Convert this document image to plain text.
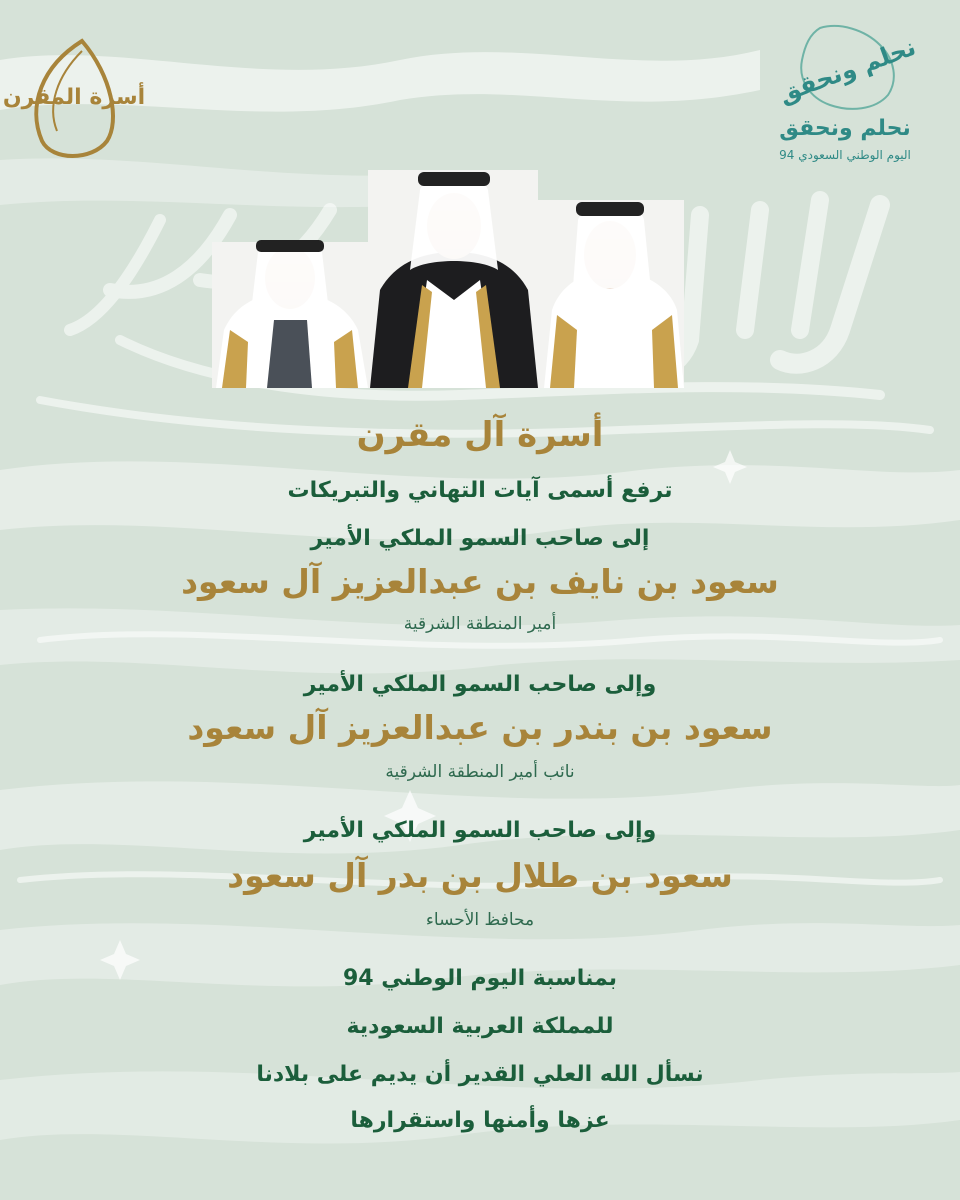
أسرة المقرن	نحلم ونحقق
نحلم ونحقق
اليوم الوطني السعودي 94
أسرة آل مقرن
ترفع أسمى آيات التهاني والتبريكات
إلى صاحب السمو الملكي الأمير
سعود بن نايف بن عبدالعزيز آل سعود
أمير المنطقة الشرقية
وإلى صاحب السمو الملكي الأمير
سعود بن بندر بن عبدالعزيز آل سعود
نائب أمير المنطقة الشرقية
وإلى صاحب السمو الملكي الأمير
سعود بن طلال بن بدر آل سعود
محافظ الأحساء
بمناسبة اليوم الوطني 94
للمملكة العربية السعودية
نسأل الله العلي القدير أن يديم على بلادنا
عزها وأمنها واستقرارها
